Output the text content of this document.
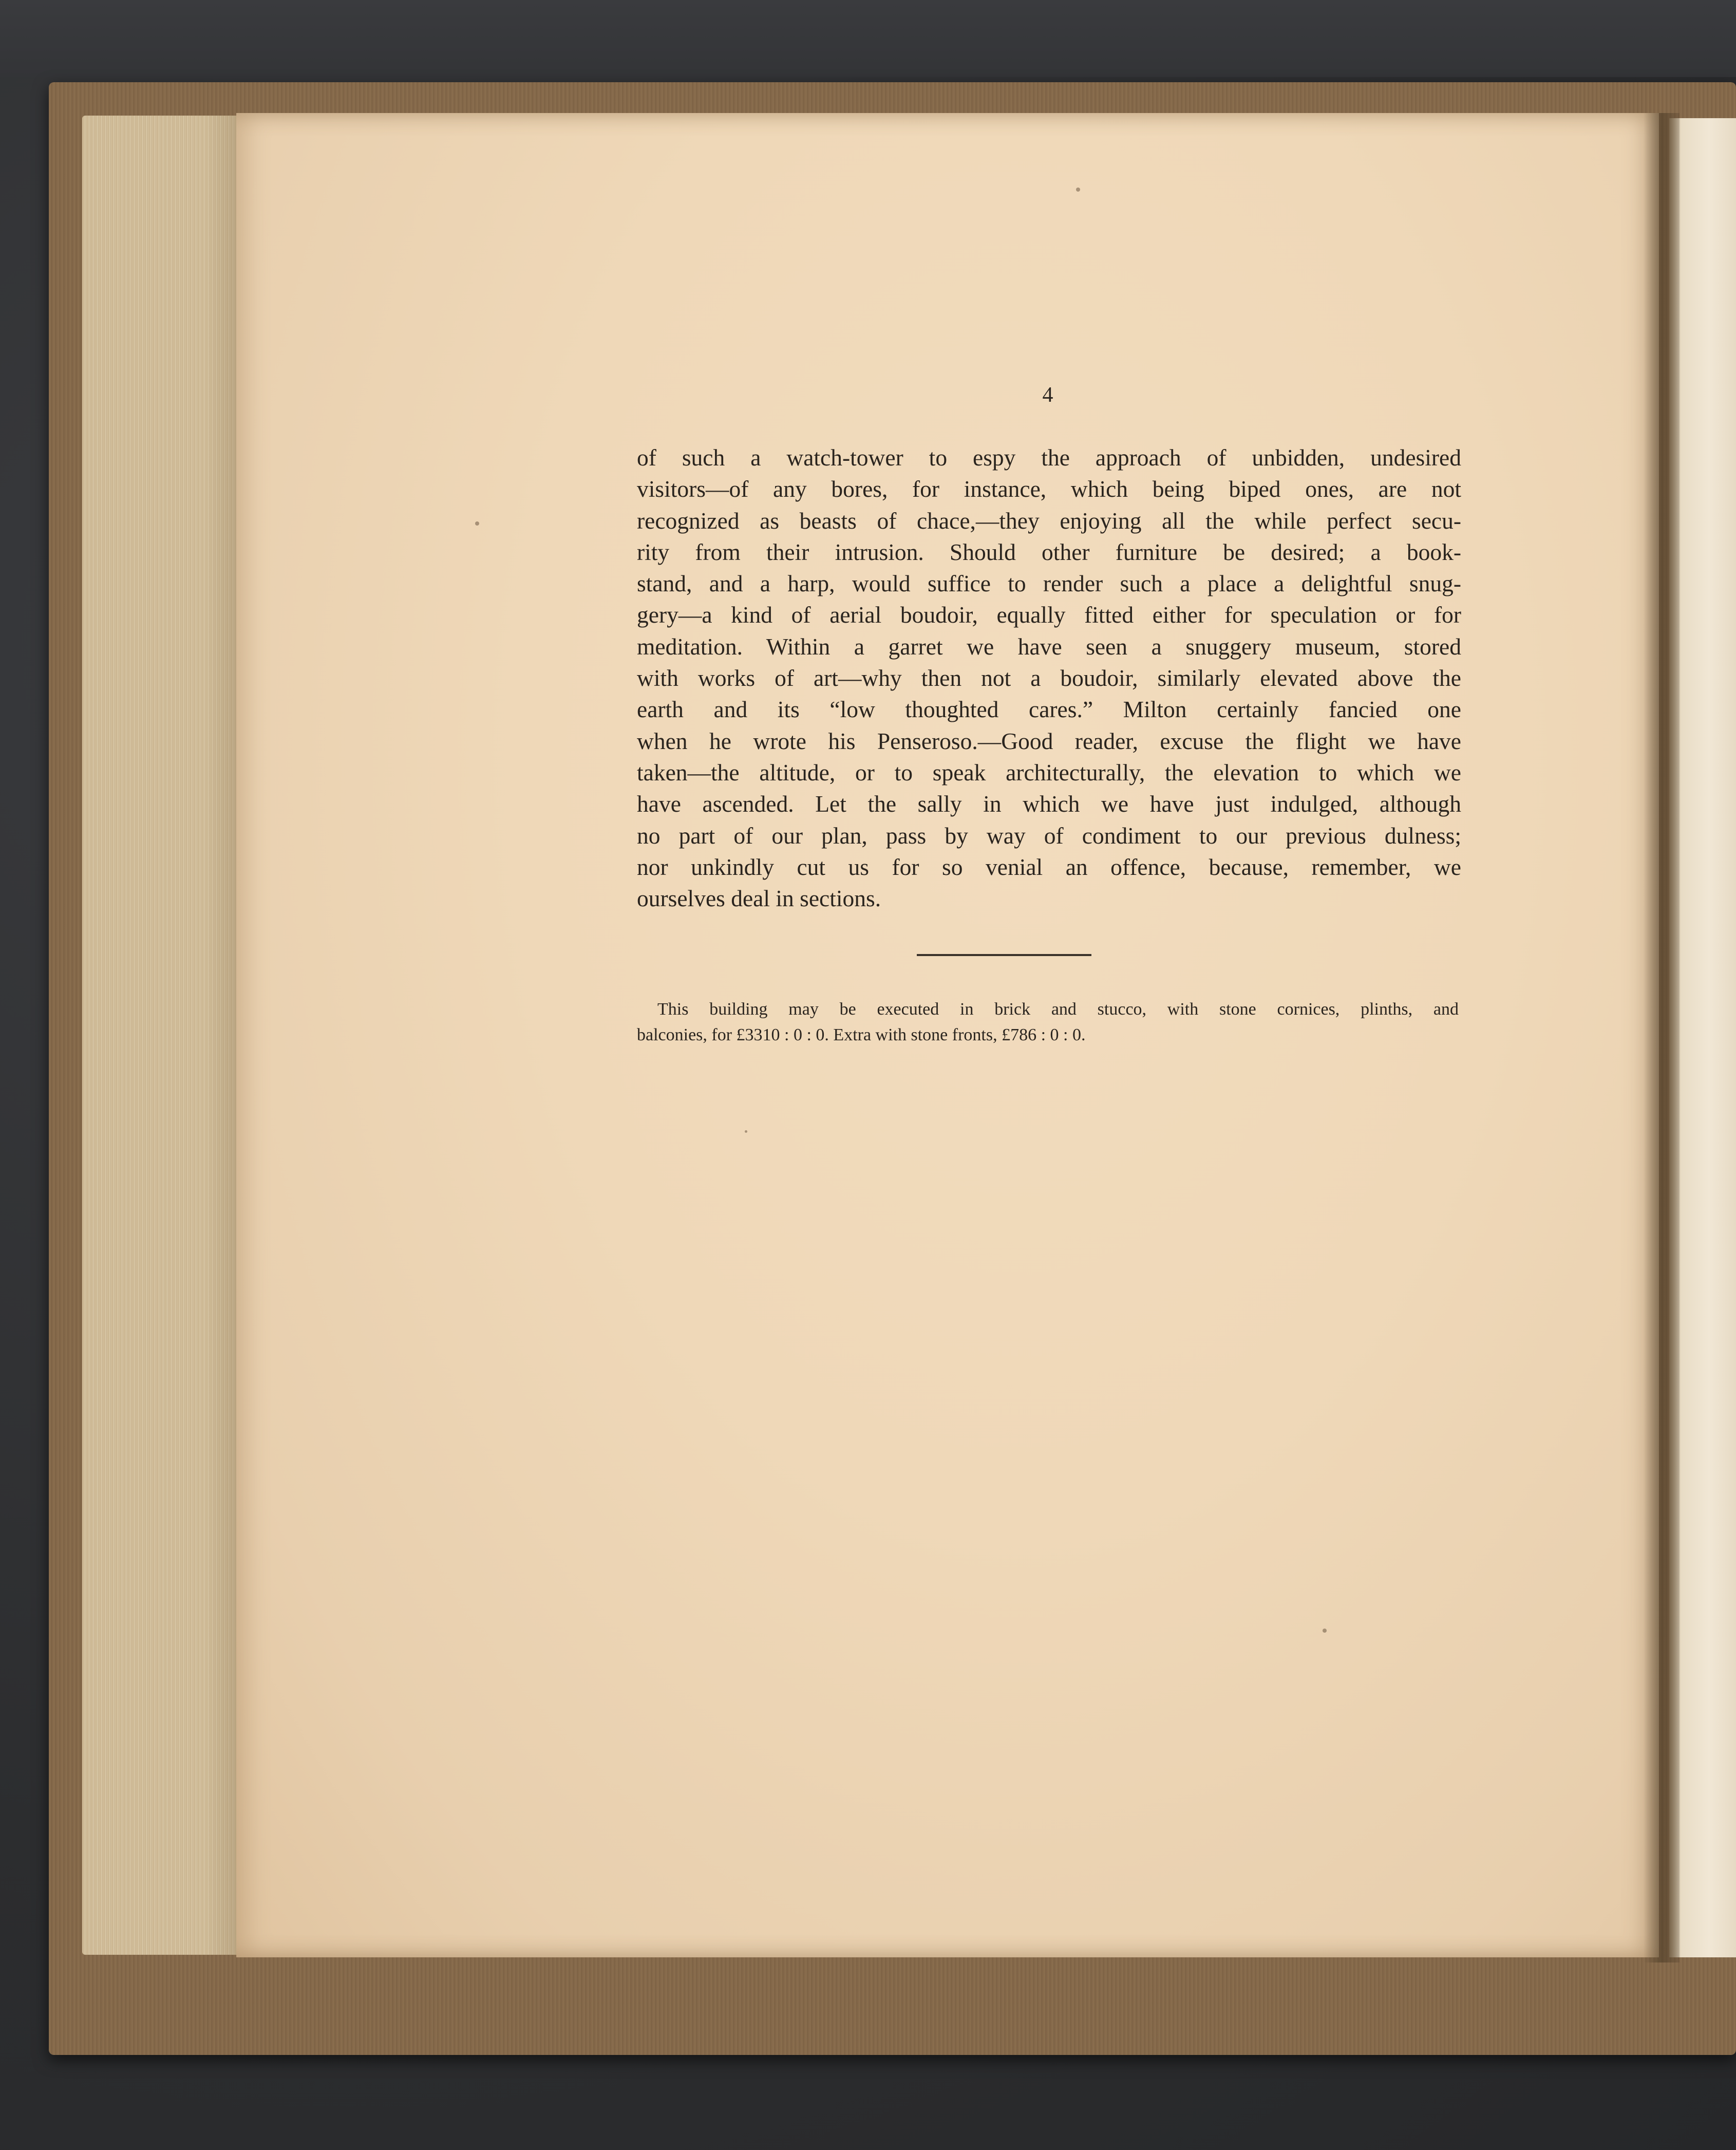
4
of such a watch-tower to espy the approach of unbidden, undesired
visitors—of any bores, for instance, which being biped ones, are not
recognized as beasts of chace,—they enjoying all the while perfect secu-
rity from their intrusion. Should other furniture be desired; a book-
stand, and a harp, would suffice to render such a place a delightful snug-
gery—a kind of aerial boudoir, equally fitted either for speculation or for
meditation. Within a garret we have seen a snuggery museum, stored
with works of art—why then not a boudoir, similarly elevated above the
earth and its “low thoughted cares.” Milton certainly fancied one
when he wrote his Penseroso.—Good reader, excuse the flight we have
taken—the altitude, or to speak architecturally, the elevation to which we
have ascended. Let the sally in which we have just indulged, although
no part of our plan, pass by way of condiment to our previous dulness;
nor unkindly cut us for so venial an offence, because, remember, we
ourselves deal in sections.
This building may be executed in brick and stucco, with stone cornices, plinths, and
balconies, for £3310 : 0 : 0. Extra with stone fronts, £786 : 0 : 0.
